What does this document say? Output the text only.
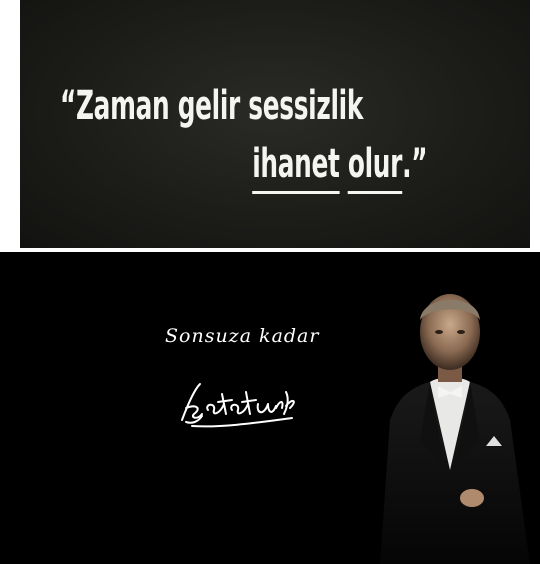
“Zaman gelir sessizlik
ihanet olur.”
Sonsuza kadar
